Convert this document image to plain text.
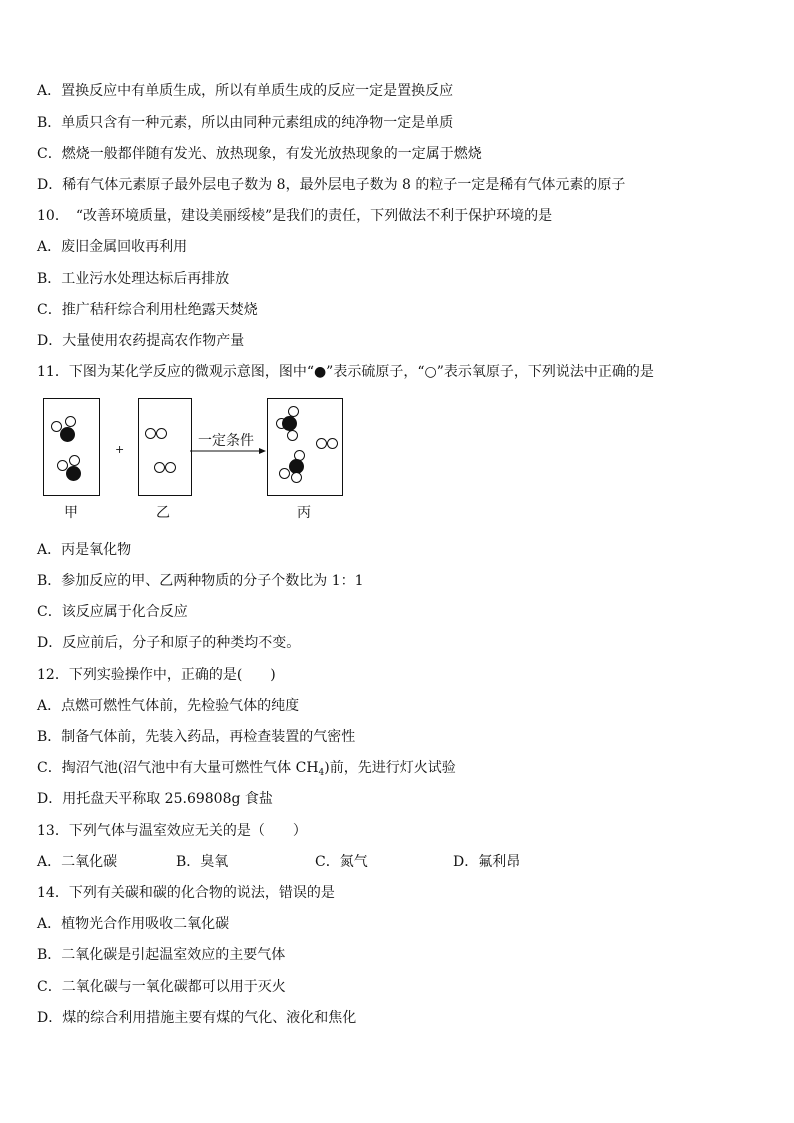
A．置换反应中有单质生成，所以有单质生成的反应一定是置换反应
B．单质只含有一种元素，所以由同种元素组成的纯净物一定是单质
C．燃烧一般都伴随有发光、放热现象，有发光放热现象的一定属于燃烧
D．稀有气体元素原子最外层电子数为 8，最外层电子数为 8 的粒子一定是稀有气体元素的原子
10．　“改善环境质量，建设美丽绥棱”是我们的责任，下列做法不利于保护环境的是
A．废旧金属回收再利用
B．工业污水处理达标后再排放
C．推广秸秆综合利用杜绝露天焚烧
D．大量使用农药提高农作物产量
11．下图为某化学反应的微观示意图，图中“●”表示硫原子，“○”表示氧原子，下列说法中正确的是
+
一定条件
甲	乙	丙
A．丙是氧化物
B．参加反应的甲、乙两种物质的分子个数比为 1：1
C．该反应属于化合反应
D．反应前后，分子和原子的种类均不变。
12．下列实验操作中，正确的是(　　)
A．点燃可燃性气体前，先检验气体的纯度
B．制备气体前，先装入药品，再检查装置的气密性
C．掏沼气池(沼气池中有大量可燃性气体 $CH_4$)前，先进行灯火试验
D．用托盘天平称取 25.69808g 食盐
13．下列气体与温室效应无关的是（　　）
A．二氧化碳	B．臭氧	C．氮气	D．氟利昂
14．下列有关碳和碳的化合物的说法，错误的是
A．植物光合作用吸收二氧化碳
B．二氧化碳是引起温室效应的主要气体
C．二氧化碳与一氧化碳都可以用于灭火
D．煤的综合利用措施主要有煤的气化、液化和焦化
